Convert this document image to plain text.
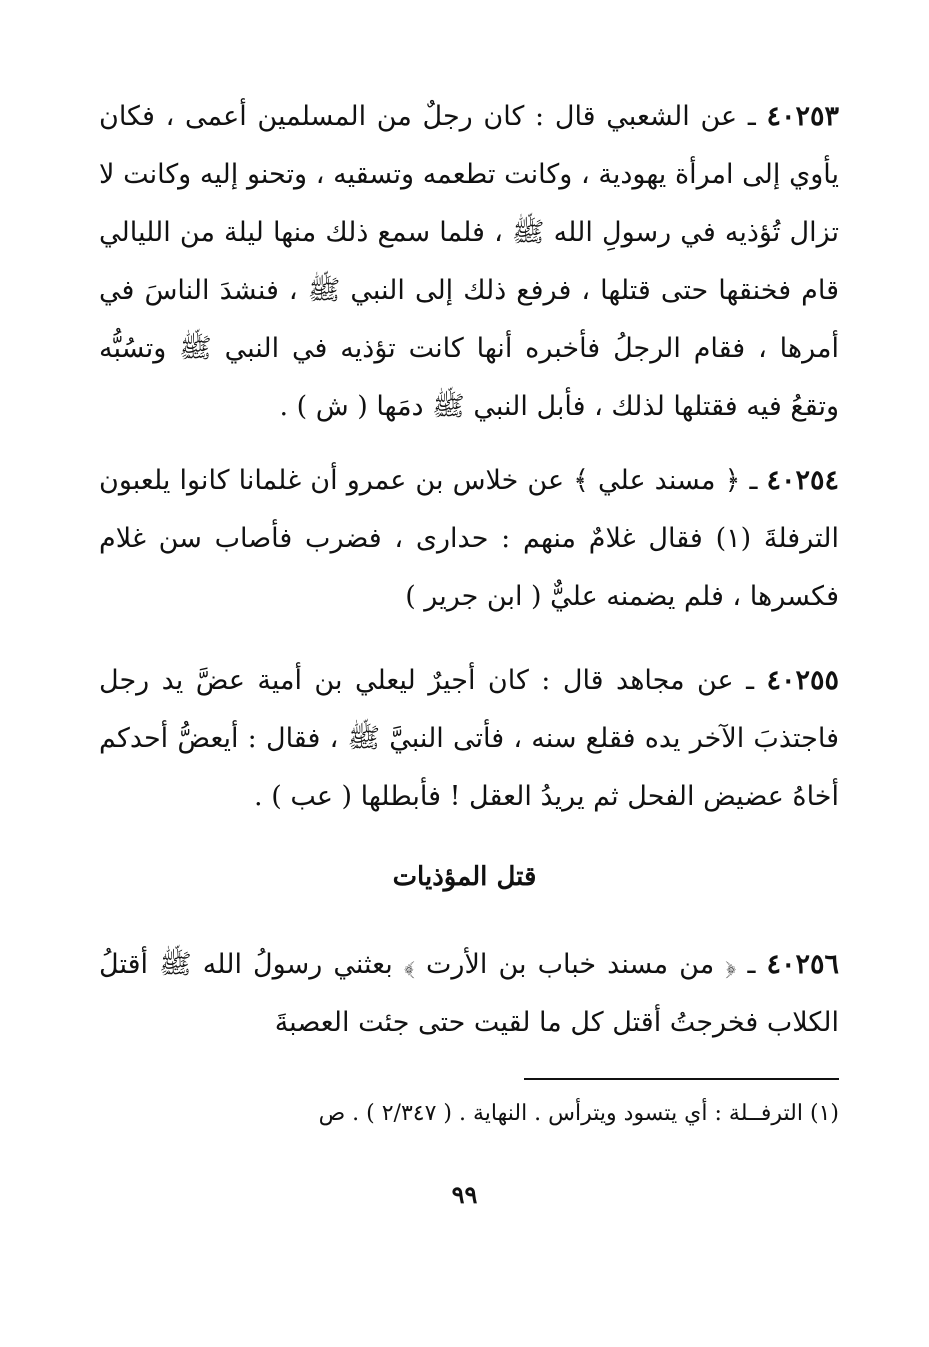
٤٠٢٥٣ ـ عن الشعبي قال : كان رجلٌ من المسلمين أعمى ، فكان يأوي إلى امرأة يهودية ، وكانت تطعمه وتسقيه ، وتحنو إليه وكانت لا تزال تُؤذيه في رسولِ الله ﷺ ، فلما سمع ذلك منها ليلة من الليالي قام فخنقها حتى قتلها ، فرفع ذلك إلى النبي ﷺ ، فنشدَ الناسَ في أمرها ، فقام الرجلُ فأخبره أنها كانت تؤذيه في النبي ﷺ وتسُبُّه وتقعُ فيه فقتلها لذلك ، فأبل النبي ﷺ دمَها ( ش ) .
٤٠٢٥٤ ـ ﴿ مسند علي ﴾ عن خلاس بن عمرو أن غلمانا كانوا يلعبون الترفلةَ (١) فقال غلامٌ منهم : حدارى ، فضرب فأصاب سن غلام فكسرها ، فلم يضمنه عليٌّ ( ابن جرير )
٤٠٢٥٥ ـ عن مجاهد قال : كان أجيرٌ ليعلي بن أمية عضَّ يد رجل فاجتذبَ الآخر يده فقلع سنه ، فأتى النبيَّ ﷺ ، فقال : أيعضُّ أحدكم أخاهُ عضيض الفحل ثم يريدُ العقل ! فأبطلها ( عب ) .
قتل المؤذيات
٤٠٢٥٦ ـ ﴿ من مسند خباب بن الأرت ﴾ بعثني رسولُ الله ﷺ أقتلُ الكلاب فخرجتُ أقتل كل ما لقيت حتى جئت العصبةَ
(١) الترفــلة : أي يتسود ويترأس . النهاية . ( ٢/٣٤٧ ) . ص
٩٩
